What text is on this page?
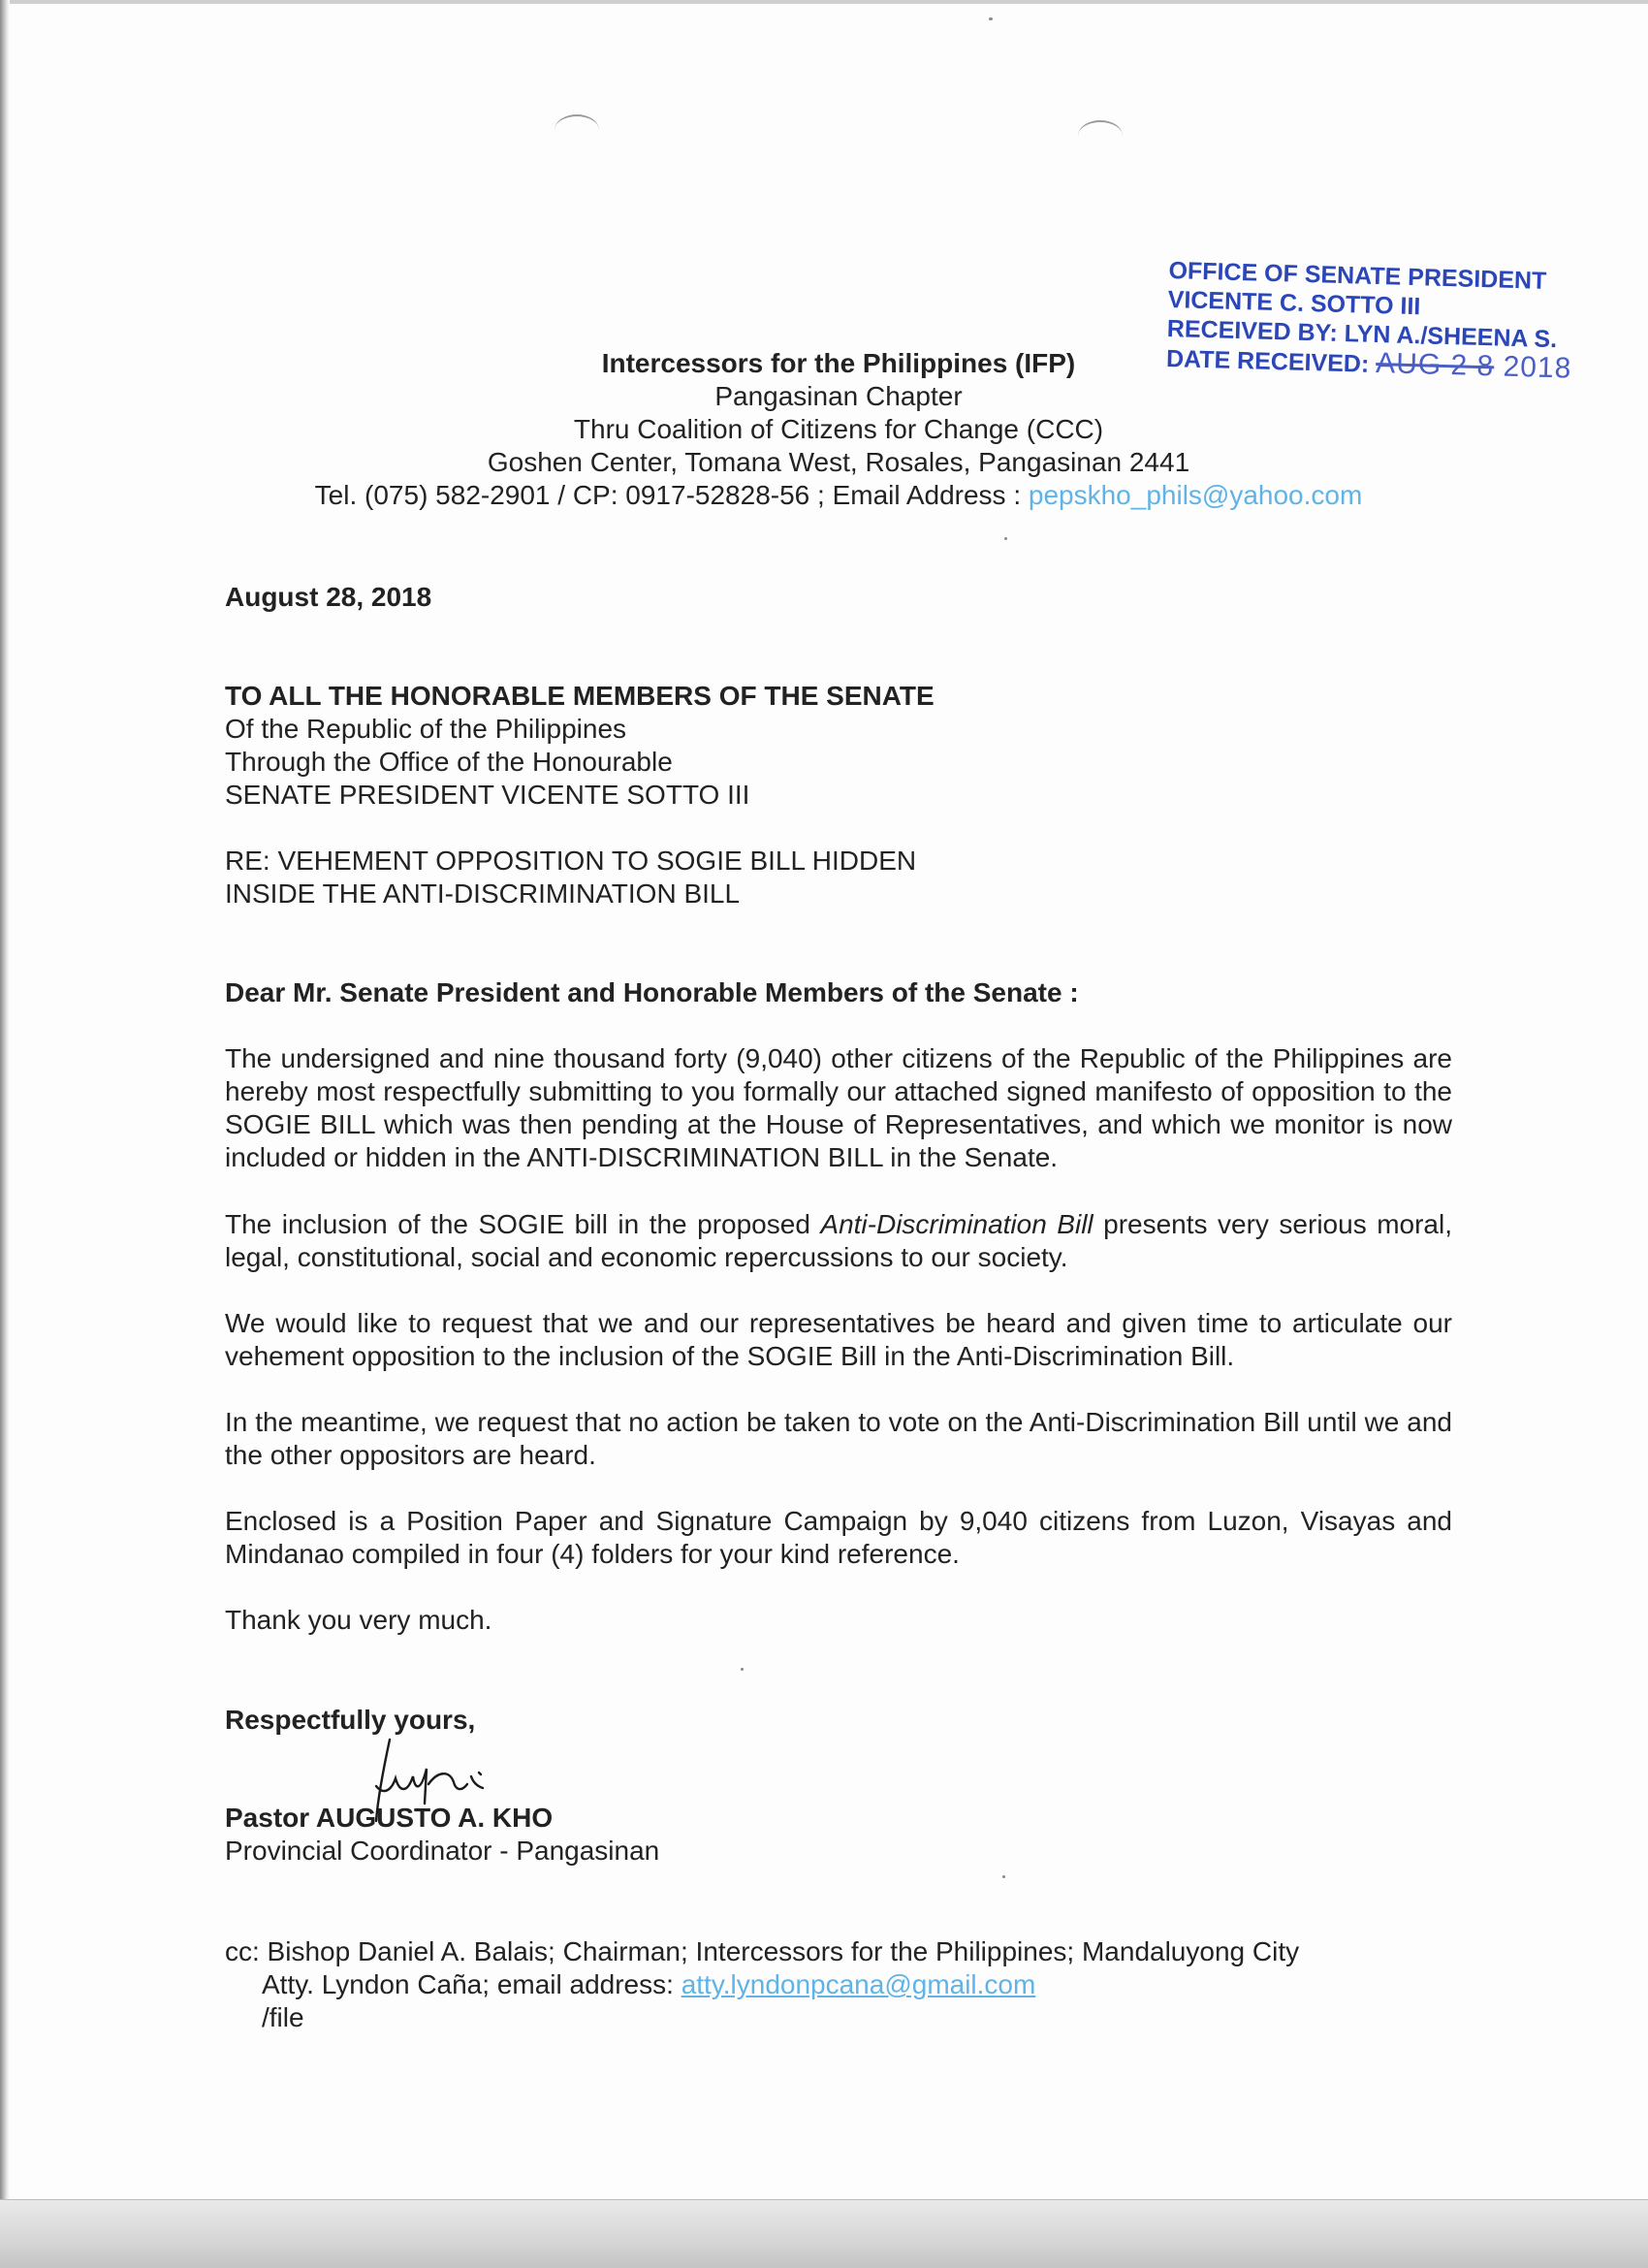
OFFICE OF SENATE PRESIDENT
VICENTE C. SOTTO III
RECEIVED BY: LYN A./SHEENA S.
DATE RECEIVED: AUG 2 8 2018
Intercessors for the Philippines (IFP)
Pangasinan Chapter
Thru Coalition of Citizens for Change (CCC)
Goshen Center, Tomana West, Rosales, Pangasinan 2441
Tel. (075) 582-2901 / CP: 0917-52828-56 ; Email Address : pepskho_phils@yahoo.com
August 28, 2018
TO ALL THE HONORABLE MEMBERS OF THE SENATE
Of the Republic of the Philippines
Through the Office of the Honourable
SENATE PRESIDENT VICENTE SOTTO III
RE: VEHEMENT OPPOSITION TO SOGIE BILL HIDDEN
INSIDE THE ANTI-DISCRIMINATION BILL
Dear Mr. Senate President and Honorable Members of the Senate :
The undersigned and nine thousand forty (9,040) other citizens of the Republic of the Philippines are hereby most respectfully submitting to you formally our attached signed manifesto of opposition to the SOGIE BILL which was then pending at the House of Representatives, and which we monitor is now included or hidden in the ANTI-DISCRIMINATION BILL in the Senate.
The inclusion of the SOGIE bill in the proposed Anti-Discrimination Bill presents very serious moral, legal, constitutional, social and economic repercussions to our society.
We would like to request that we and our representatives be heard and given time to articulate our vehement opposition to the inclusion of the SOGIE Bill in the Anti-Discrimination Bill.
In the meantime, we request that no action be taken to vote on the Anti-Discrimination Bill until we and the other oppositors are heard.
Enclosed is a Position Paper and Signature Campaign by 9,040 citizens from Luzon, Visayas and Mindanao compiled in four (4) folders for your kind reference.
Thank you very much.
Respectfully yours,
Pastor AUGUSTO A. KHO
Provincial Coordinator - Pangasinan
cc: Bishop Daniel A. Balais; Chairman; Intercessors for the Philippines; Mandaluyong City
Atty. Lyndon Caña; email address: atty.lyndonpcana@gmail.com
/file
